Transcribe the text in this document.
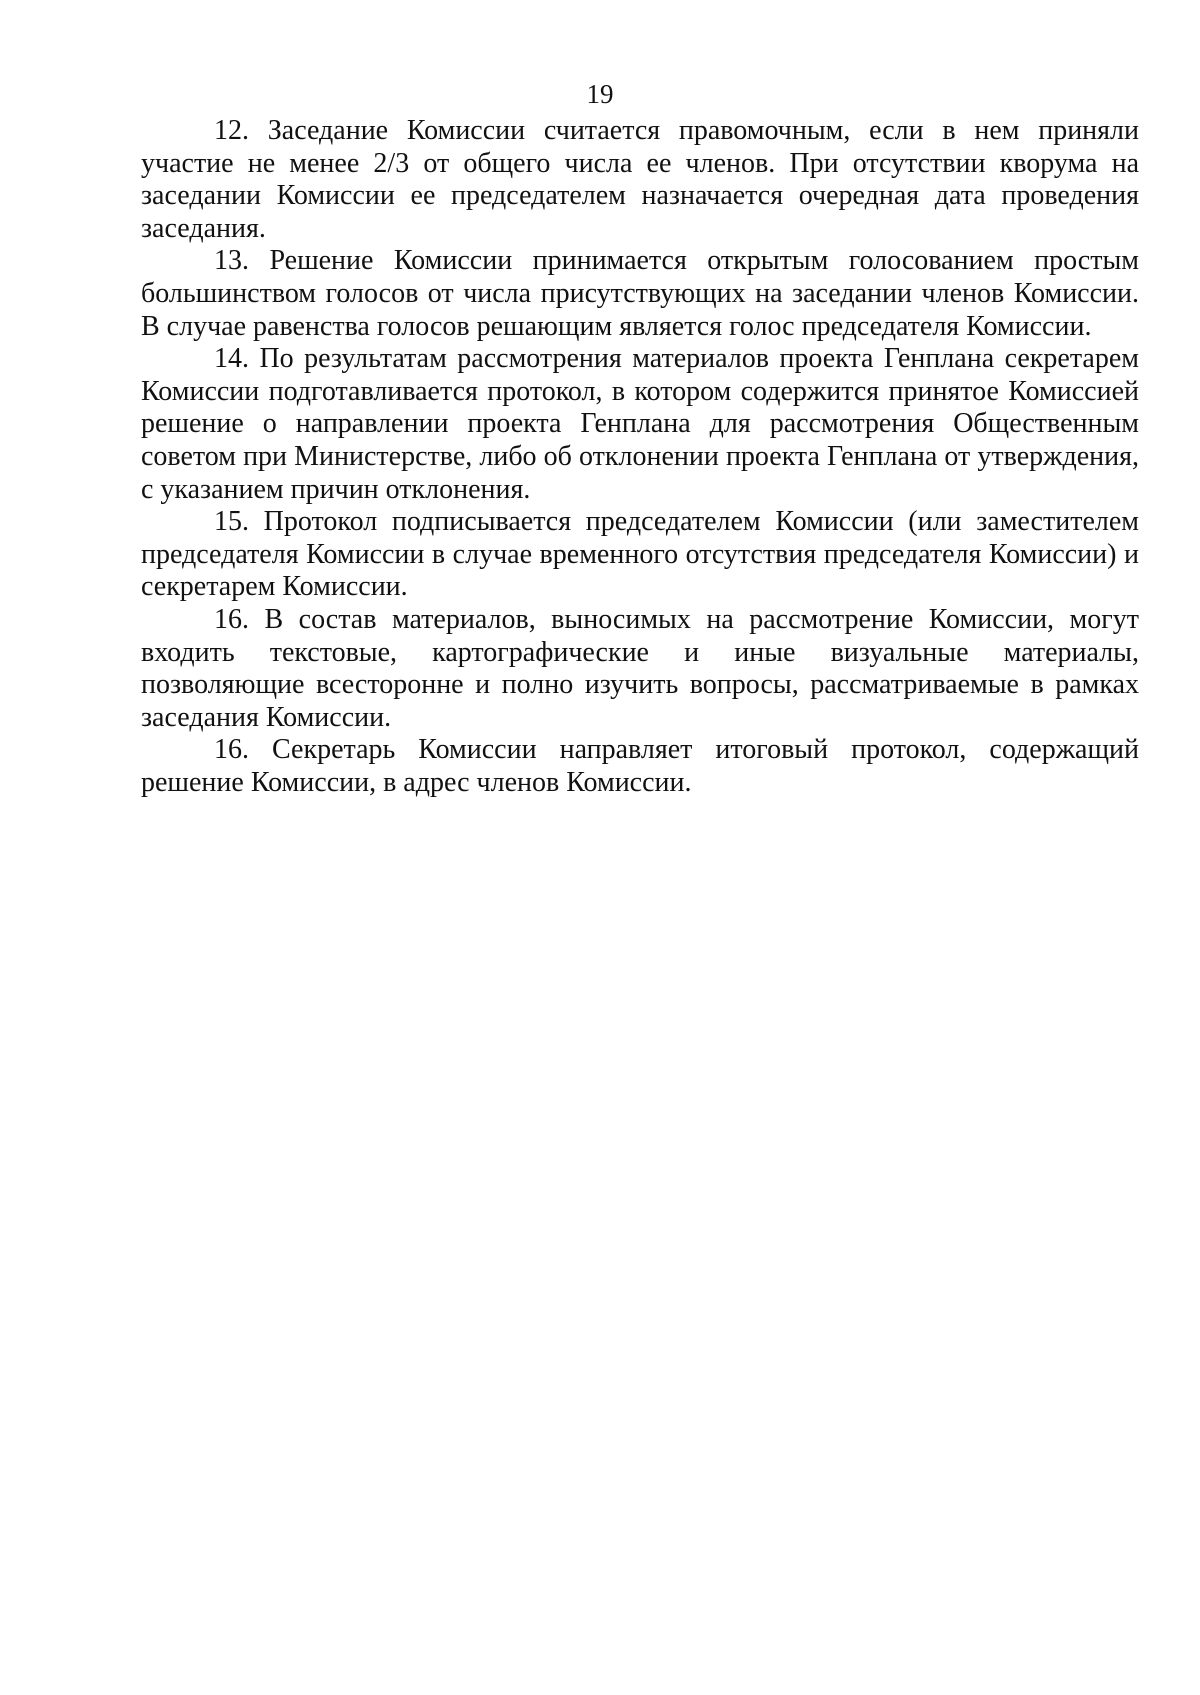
19

12. Заседание Комиссии считается правомочным, если в нем приняли участие не менее 2/3 от общего числа ее членов. При отсутствии кворума на заседании Комиссии ее председателем назначается очередная дата проведения заседания.

13. Решение Комиссии принимается открытым голосованием простым большинством голосов от числа присутствующих на заседании членов Комиссии. В случае равенства голосов решающим является голос председателя Комиссии.

14. По результатам рассмотрения материалов проекта Генплана секретарем Комиссии подготавливается протокол, в котором содержится принятое Комиссией решение о направлении проекта Генплана для рассмотрения Общественным советом при Министерстве, либо об отклонении проекта Генплана от утверждения, с указанием причин отклонения.

15. Протокол подписывается председателем Комиссии (или заместителем председателя Комиссии в случае временного отсутствия председателя Комиссии) и секретарем Комиссии.

16. В состав материалов, выносимых на рассмотрение Комиссии, могут входить текстовые, картографические и иные визуальные материалы, позволяющие всесторонне и полно изучить вопросы, рассматриваемые в рамках заседания Комиссии.

16. Секретарь Комиссии направляет итоговый протокол, содержащий решение Комиссии, в адрес членов Комиссии.
